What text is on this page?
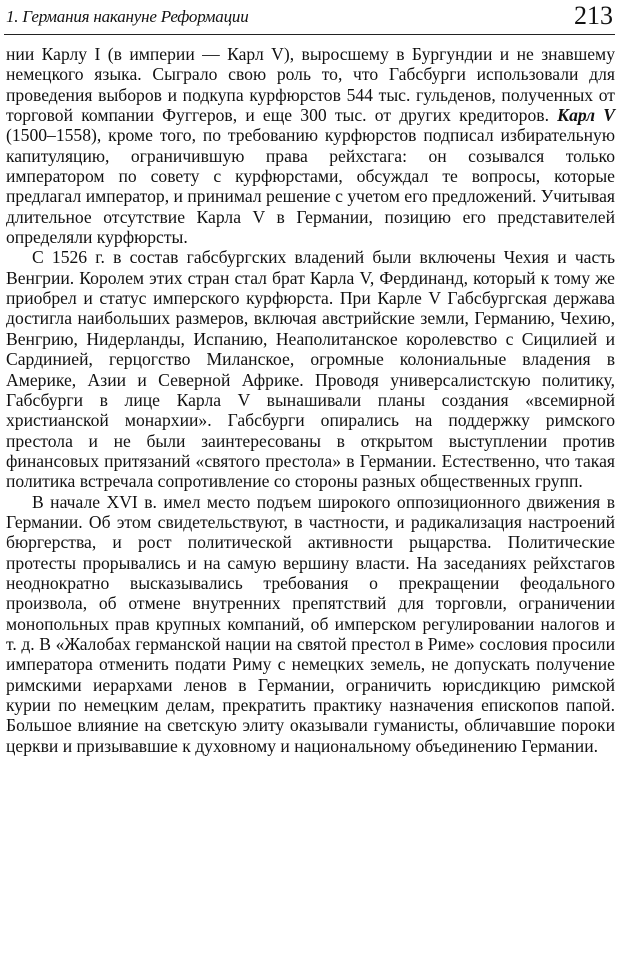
1. Германия накануне Реформации	213

нии Карлу I (в империи — Карл V), выросшему в Бургундии и не знавшему немецкого языка. Сыграло свою роль то, что Габсбурги использовали для проведения выборов и подкупа курфюрстов 544 тыс. гульденов, полученных от торговой компании Фуггеров, и еще 300 тыс. от других кредиторов. Карл V (1500–1558), кроме того, по требованию курфюрстов подписал избирательную капитуляцию, ограничившую права рейхстага: он созывался только императором по совету с курфюрстами, обсуждал те вопросы, которые предлагал император, и принимал решение с учетом его предложений. Учитывая длительное отсутствие Карла V в Германии, позицию его представителей определяли курфюрсты.

С 1526 г. в состав габсбургских владений были включены Чехия и часть Венгрии. Королем этих стран стал брат Карла V, Фердинанд, который к тому же приобрел и статус имперского курфюрста. При Карле V Габсбургская держава достигла наибольших размеров, включая австрийские земли, Германию, Чехию, Венгрию, Нидерланды, Испанию, Неаполитанское королевство с Сицилией и Сардинией, герцогство Миланское, огромные колониальные владения в Америке, Азии и Северной Африке. Проводя универсалистскую политику, Габсбурги в лице Карла V вынашивали планы создания «всемирной христианской монархии». Габсбурги опирались на поддержку римского престола и не были заинтересованы в открытом выступлении против финансовых притязаний «святого престола» в Германии. Естественно, что такая политика встречала сопротивление со стороны разных общественных групп.

В начале XVI в. имел место подъем широкого оппозиционного движения в Германии. Об этом свидетельствуют, в частности, и радикализация настроений бюргерства, и рост политической активности рыцарства. Политические протесты прорывались и на самую вершину власти. На заседаниях рейхстагов неоднократно высказывались требования о прекращении феодального произвола, об отмене внутренних препятствий для торговли, ограничении монопольных прав крупных компаний, об имперском регулировании налогов и т. д. В «Жалобах германской нации на святой престол в Риме» сословия просили императора отменить подати Риму с немецких земель, не допускать получение римскими иерархами ленов в Германии, ограничить юрисдикцию римской курии по немецким делам, прекратить практику назначения епископов папой. Большое влияние на светскую элиту оказывали гуманисты, обличавшие пороки церкви и призывавшие к духовному и национальному объединению Германии.
